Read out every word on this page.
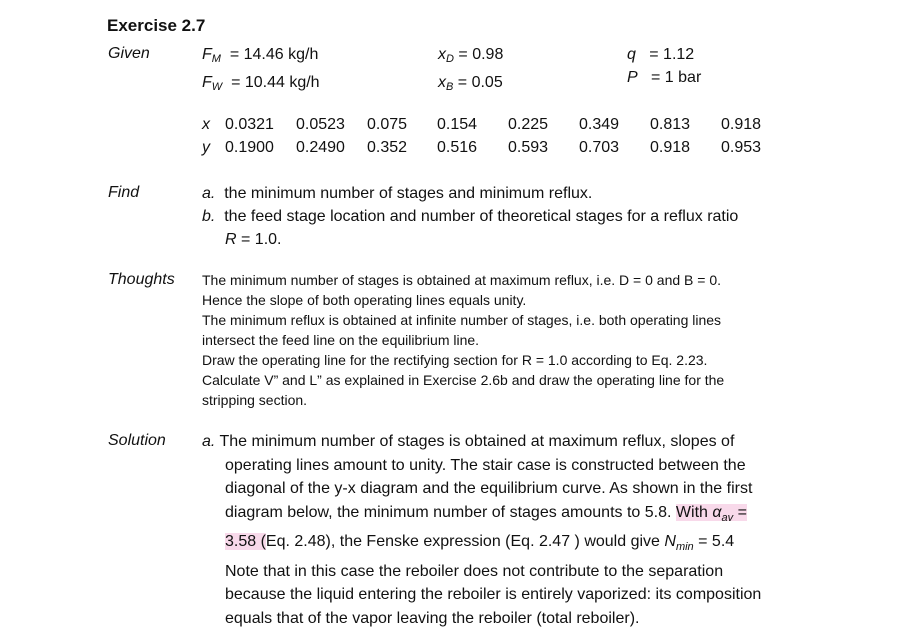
Exercise 2.7
Given	$F_M = 14.46$ kg/h
$F_W = 10.44$ kg/h
$x_D = 0.98$
$x_B = 0.05$
q = 1.12
P = 1 bar
x 0.0321 0.0523 0.075 0.154 0.225 0.349 0.813 0.918
y 0.1900 0.2490 0.352 0.516 0.593 0.703 0.918 0.953
Find	a. the minimum number of stages and minimum reflux.
b. the feed stage location and number of theoretical stages for a reflux ratio
R = 1.0.
Thoughts The minimum number of stages is obtained at maximum reflux, i.e. D = 0 and B = 0.
Hence the slope of both operating lines equals unity.
The minimum reflux is obtained at infinite number of stages, i.e. both operating lines
intersect the feed line on the equilibrium line.
Draw the operating line for the rectifying section for R = 1.0 according to Eq. 2.23.
Calculate V” and L” as explained in Exercise 2.6b and draw the operating line for the
stripping section.
Solution a. The minimum number of stages is obtained at maximum reflux, slopes of
operating lines amount to unity. The stair case is constructed between the
diagonal of the y-x diagram and the equilibrium curve. As shown in the first
diagram below, the minimum number of stages amounts to 5.8. With $\alpha_{av}$ =
3.58 (Eq. 2.48), the Fenske expression (Eq. 2.47 ) would give $N_{min} = 5.4$
Note that in this case the reboiler does not contribute to the separation
because the liquid entering the reboiler is entirely vaporized: its composition
equals that of the vapor leaving the reboiler (total reboiler).
